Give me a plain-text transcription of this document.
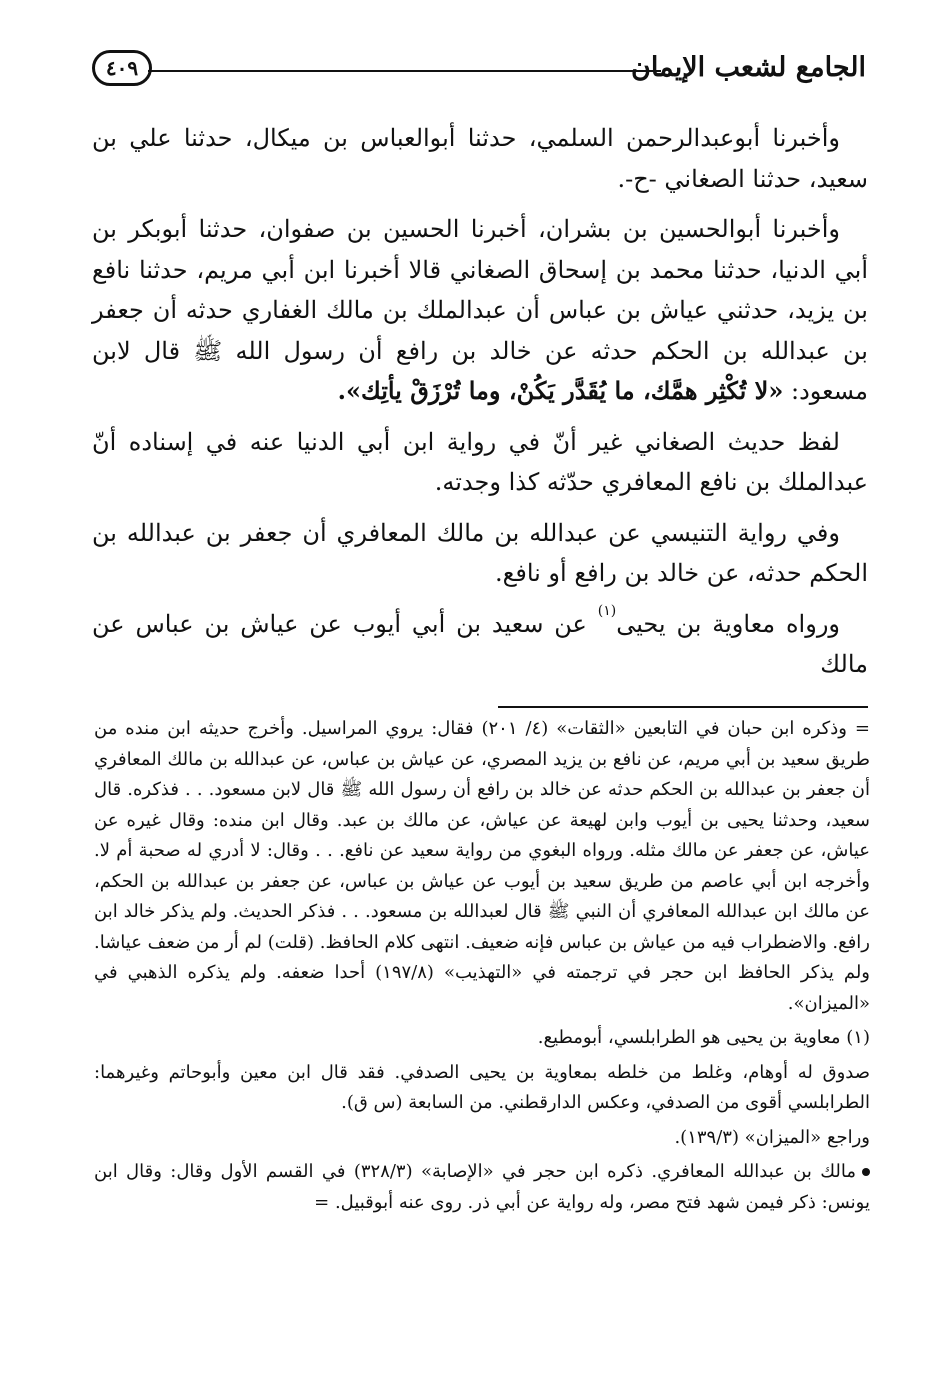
الجامع لشعب الإيمان
٤٠٩

وأخبرنا أبوعبدالرحمن السلمي، حدثنا أبوالعباس بن ميكال، حدثنا علي بن سعيد، حدثنا الصغاني -ح-.

وأخبرنا أبوالحسين بن بشران، أخبرنا الحسين بن صفوان، حدثنا أبوبكر بن أبي الدنيا، حدثنا محمد بن إسحاق الصغاني قالا أخبرنا ابن أبي مريم، حدثنا نافع بن يزيد، حدثني عياش بن عباس أن عبدالملك بن مالك الغفاري حدثه أن جعفر بن عبدالله بن الحكم حدثه عن خالد بن رافع أن رسول الله ﷺ قال لابن مسعود: «لا تُكْثِر همَّك، ما يُقَدَّر يَكُنْ، وما تُرْزَقْ يأتِك».

لفظ حديث الصغاني غير أنّ في رواية ابن أبي الدنيا عنه في إسناده أنّ عبدالملك بن نافع المعافري حدّثه كذا وجدته.

وفي رواية التنيسي عن عبدالله بن مالك المعافري أن جعفر بن عبدالله بن الحكم حدثه، عن خالد بن رافع أو نافع.

ورواه معاوية بن يحيى$^{(١)}$ عن سعيد بن أبي أيوب عن عياش بن عباس عن مالك

= وذكره ابن حبان في التابعين «الثقات» (٤/ ٢٠١) فقال: يروي المراسيل. وأخرج حديثه ابن منده من طريق سعيد بن أبي مريم، عن نافع بن يزيد المصري، عن عياش بن عباس، عن عبدالله بن مالك المعافري أن جعفر بن عبدالله بن الحكم حدثه عن خالد بن رافع أن رسول الله ﷺ قال لابن مسعود. . . فذكره. قال سعيد، وحدثنا يحيى بن أيوب وابن لهيعة عن عياش، عن مالك بن عبد. وقال ابن منده: وقال غيره عن عياش، عن جعفر عن مالك مثله. ورواه البغوي من رواية سعيد عن نافع. . . وقال: لا أدري له صحبة أم لا. وأخرجه ابن أبي عاصم من طريق سعيد بن أيوب عن عياش بن عباس، عن جعفر بن عبدالله بن الحكم، عن مالك ابن عبدالله المعافري أن النبي ﷺ قال لعبدالله بن مسعود. . . فذكر الحديث. ولم يذكر خالد ابن رافع. والاضطراب فيه من عياش بن عباس فإنه ضعيف. انتهى كلام الحافظ. (قلت) لم أر من ضعف عياشا. ولم يذكر الحافظ ابن حجر في ترجمته في «التهذيب» (١٩٧/٨) أحدا ضعفه. ولم يذكره الذهبي في «الميزان».

(١) معاوية بن يحيى هو الطرابلسي، أبومطيع.

صدوق له أوهام، وغلط من خلطه بمعاوية بن يحيى الصدفي. فقد قال ابن معين وأبوحاتم وغيرهما: الطرابلسي أقوى من الصدفي، وعكس الدارقطني. من السابعة (س ق).

وراجع «الميزان» (١٣٩/٣).

مالك بن عبدالله المعافري. ذكره ابن حجر في «الإصابة» (٣٢٨/٣) في القسم الأول وقال: وقال ابن يونس: ذكر فيمن شهد فتح مصر، وله رواية عن أبي ذر. روى عنه أبوقبيل. =
